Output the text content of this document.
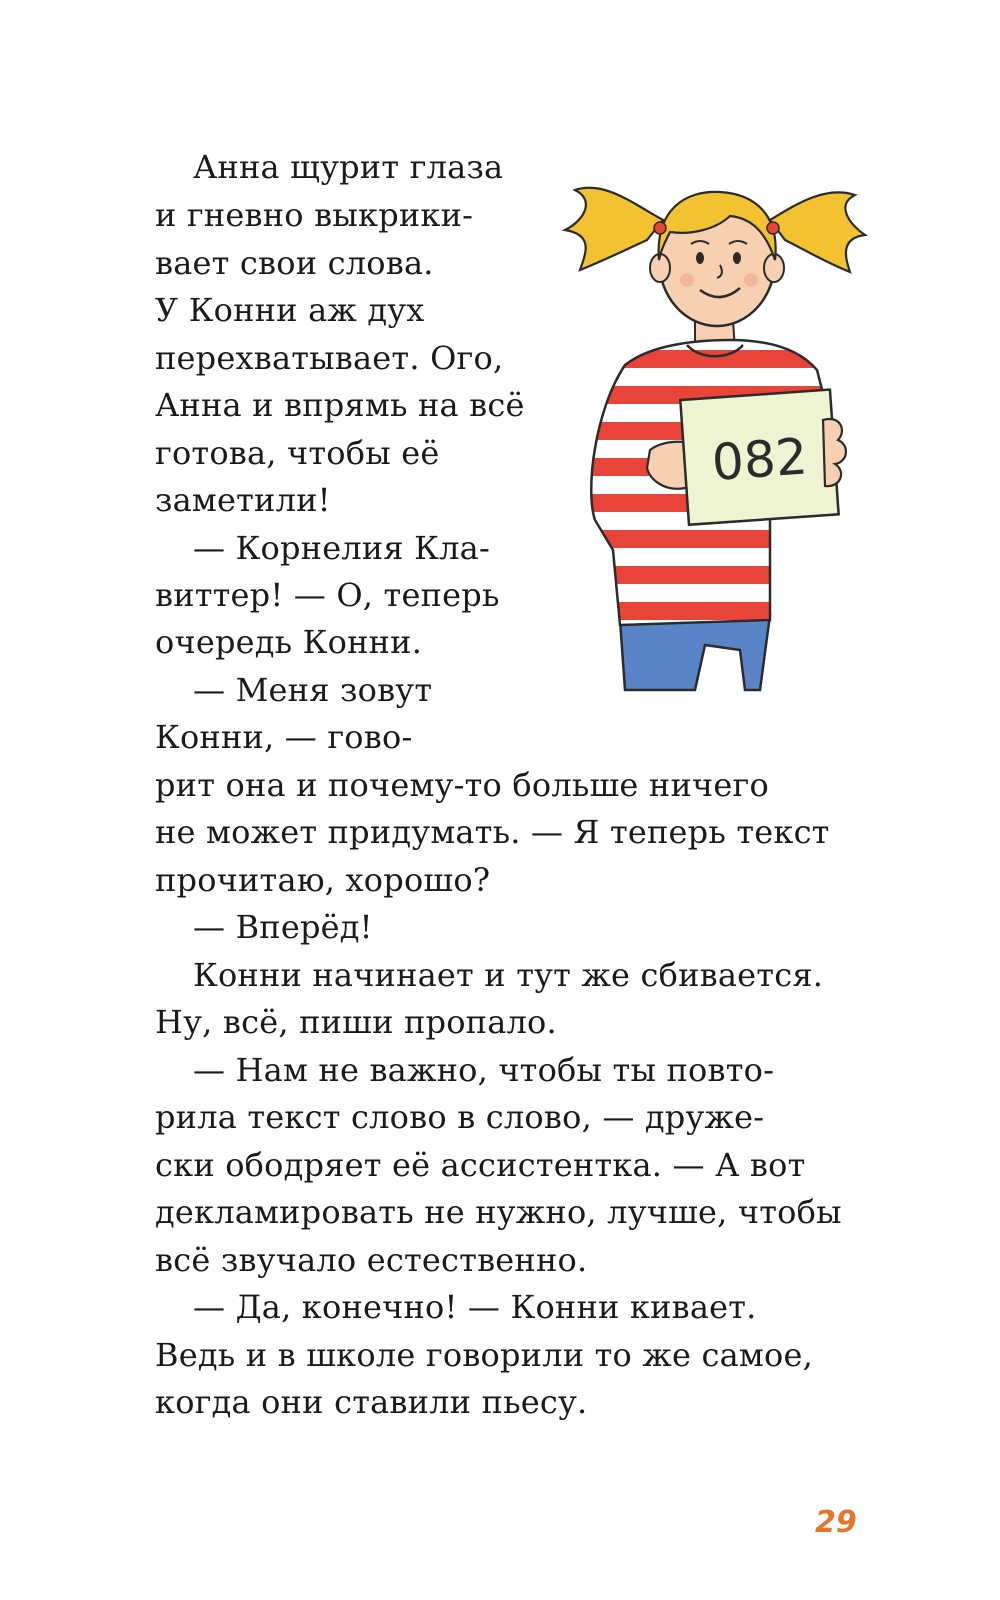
Анна щурит глаза
и гневно выкрики-
вает свои слова.
У Конни аж дух
перехватывает. Ого,
Анна и впрямь на всё
готова, чтобы её
заметили!
— Корнелия Кла-
виттер! — О, теперь
очередь Конни.
— Меня зовут
Конни, — гово-
рит она и почему-то больше ничего
не может придумать. — Я теперь текст
прочитаю, хорошо?
— Вперёд!
Конни начинает и тут же сбивается.
Ну, всё, пиши пропало.
— Нам не важно, чтобы ты повто-
рила текст слово в слово, — друже-
ски ободряет её ассистентка. — А вот
декламировать не нужно, лучше, чтобы
всё звучало естественно.
— Да, конечно! — Конни кивает.
Ведь и в школе говорили то же самое,
когда они ставили пьесу.
082
29
